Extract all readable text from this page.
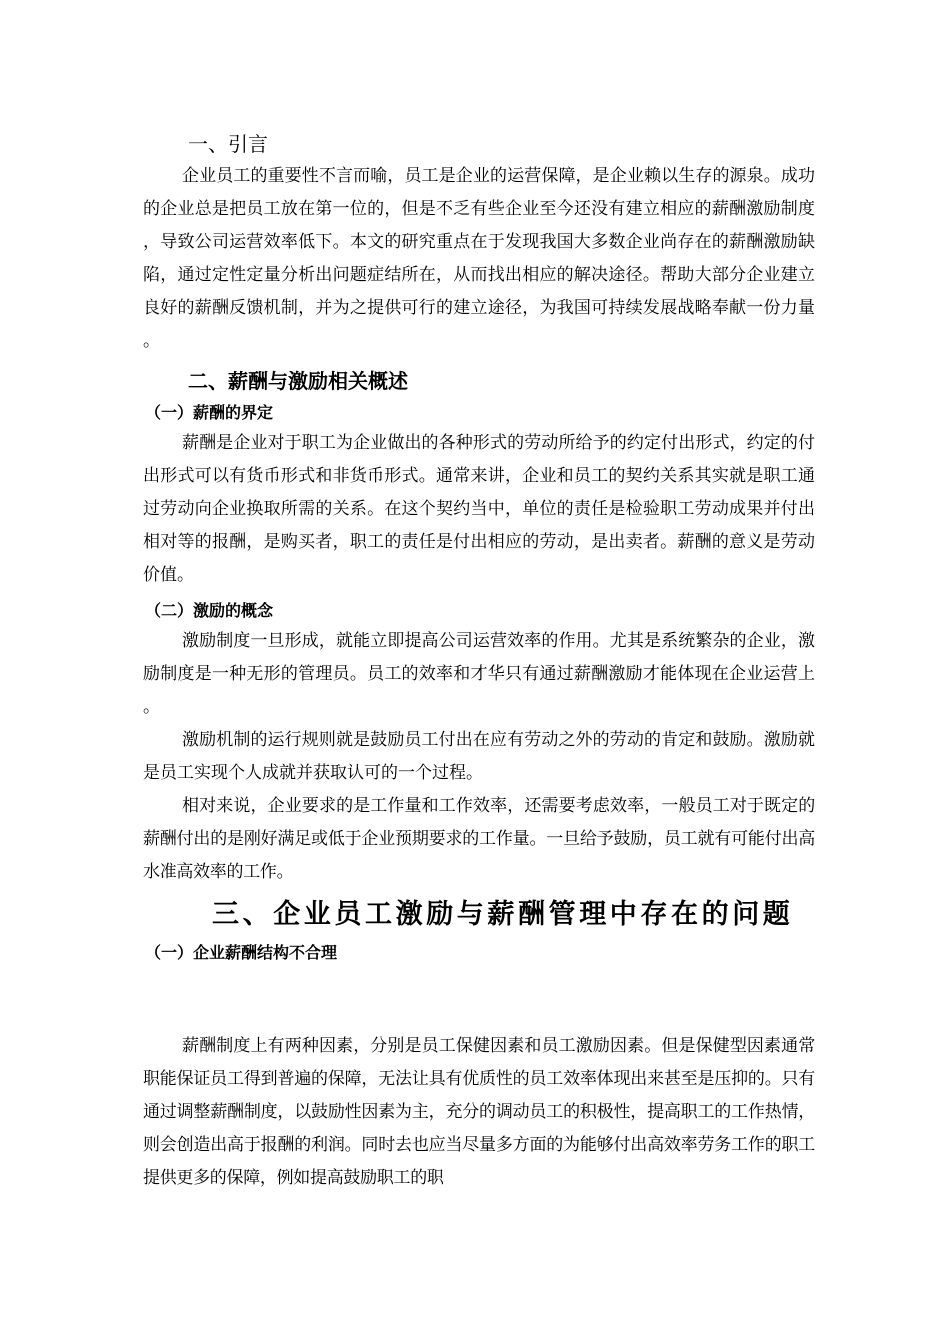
一、引言

企业员工的重要性不言而喻，员工是企业的运营保障，是企业赖以生存的源泉。成功的企业总是把员工放在第一位的，但是不乏有些企业至今还没有建立相应的薪酬激励制度，导致公司运营效率低下。本文的研究重点在于发现我国大多数企业尚存在的薪酬激励缺陷，通过定性定量分析出问题症结所在，从而找出相应的解决途径。帮助大部分企业建立良好的薪酬反馈机制，并为之提供可行的建立途径，为我国可持续发展战略奉献一份力量。

二、薪酬与激励相关概述
（一）薪酬的界定

薪酬是企业对于职工为企业做出的各种形式的劳动所给予的约定付出形式，约定的付出形式可以有货币形式和非货币形式。通常来讲，企业和员工的契约关系其实就是职工通过劳动向企业换取所需的关系。在这个契约当中，单位的责任是检验职工劳动成果并付出相对等的报酬，是购买者，职工的责任是付出相应的劳动，是出卖者。薪酬的意义是劳动价值。

（二）激励的概念

激励制度一旦形成，就能立即提高公司运营效率的作用。尤其是系统繁杂的企业，激励制度是一种无形的管理员。员工的效率和才华只有通过薪酬激励才能体现在企业运营上。

激励机制的运行规则就是鼓励员工付出在应有劳动之外的劳动的肯定和鼓励。激励就是员工实现个人成就并获取认可的一个过程。

相对来说，企业要求的是工作量和工作效率，还需要考虑效率，一般员工对于既定的薪酬付出的是刚好满足或低于企业预期要求的工作量。一旦给予鼓励，员工就有可能付出高水准高效率的工作。

三、企业员工激励与薪酬管理中存在的问题
（一）企业薪酬结构不合理

薪酬制度上有两种因素，分别是员工保健因素和员工激励因素。但是保健型因素通常职能保证员工得到普遍的保障，无法让具有优质性的员工效率体现出来甚至是压抑的。只有通过调整薪酬制度，以鼓励性因素为主，充分的调动员工的积极性，提高职工的工作热情，则会创造出高于报酬的利润。同时去也应当尽量多方面的为能够付出高效率劳务工作的职工提供更多的保障，例如提高鼓励职工的职
